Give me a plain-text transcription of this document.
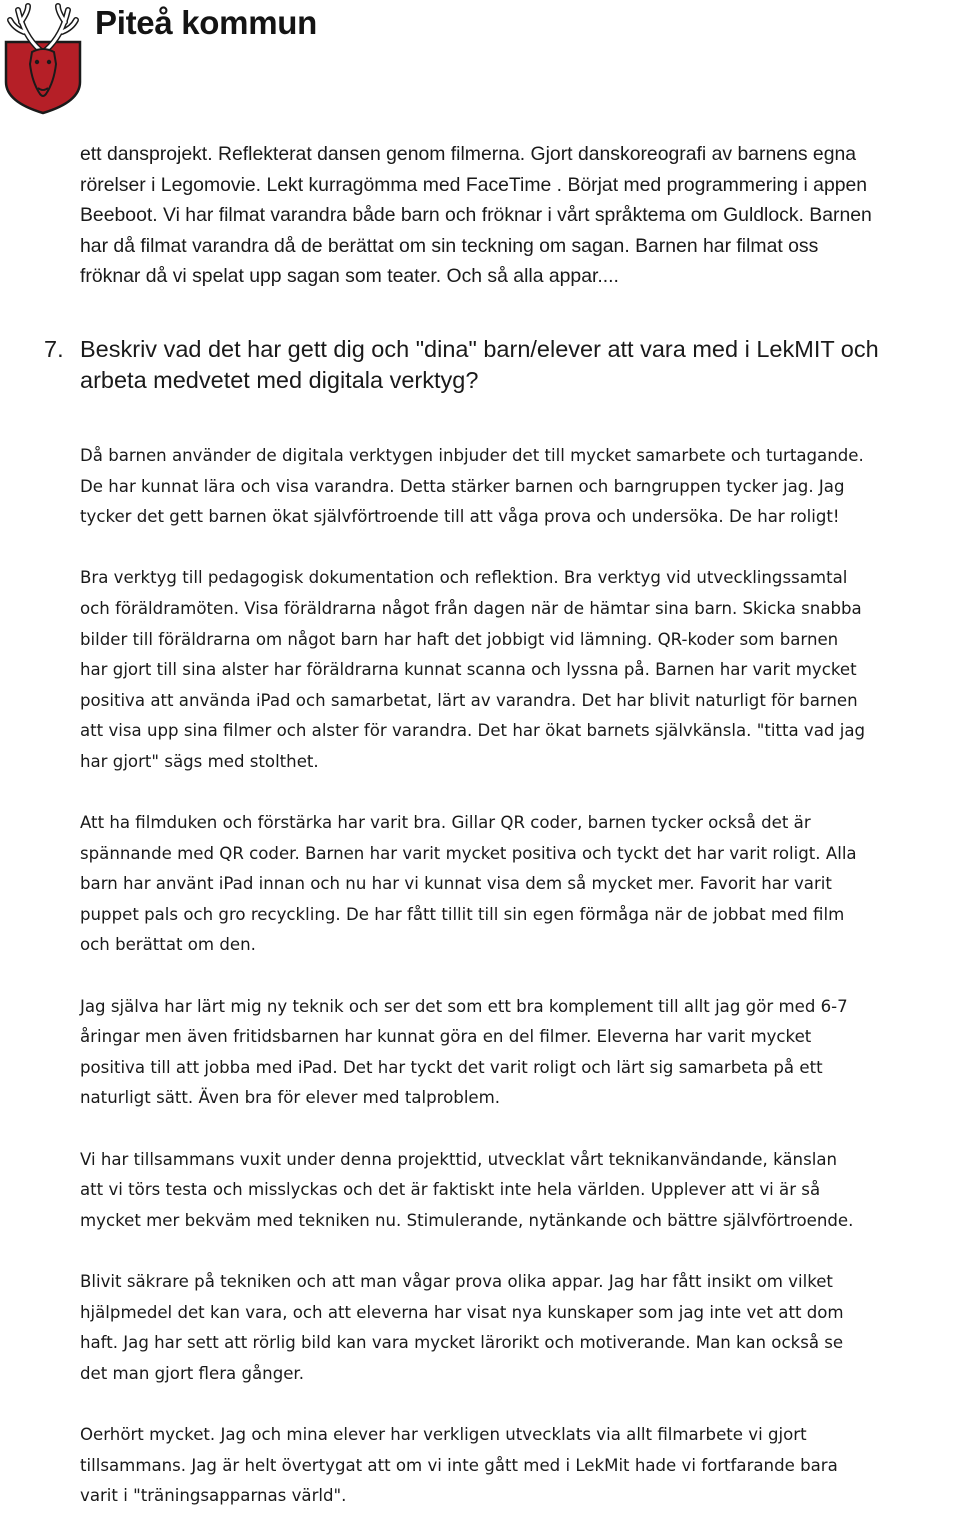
Piteå kommun
ett dansprojekt. Reflekterat dansen genom filmerna. Gjort danskoreografi av barnens egna
rörelser i Legomovie. Lekt kurragömma med FaceTime . Börjat med programmering i appen
Beeboot. Vi har filmat varandra både barn och fröknar i vårt språktema om Guldlock. Barnen
har då filmat varandra då de berättat om sin teckning om sagan. Barnen har filmat oss
fröknar då vi spelat upp sagan som teater. Och så alla appar....
7. Beskriv vad det har gett dig och "dina" barn/elever att vara med i LekMIT och
arbeta medvetet med digitala verktyg?
Då barnen använder de digitala verktygen inbjuder det till mycket samarbete och turtagande.
De har kunnat lära och visa varandra. Detta stärker barnen och barngruppen tycker jag. Jag
tycker det gett barnen ökat självförtroende till att våga prova och undersöka. De har roligt!
Bra verktyg till pedagogisk dokumentation och reflektion. Bra verktyg vid utvecklingssamtal
och föräldramöten. Visa föräldrarna något från dagen när de hämtar sina barn. Skicka snabba
bilder till föräldrarna om något barn har haft det jobbigt vid lämning. QR-koder som barnen
har gjort till sina alster har föräldrarna kunnat scanna och lyssna på. Barnen har varit mycket
positiva att använda iPad och samarbetat, lärt av varandra. Det har blivit naturligt för barnen
att visa upp sina filmer och alster för varandra. Det har ökat barnets självkänsla. "titta vad jag
har gjort" sägs med stolthet.
Att ha filmduken och förstärka har varit bra. Gillar QR coder, barnen tycker också det är
spännande med QR coder. Barnen har varit mycket positiva och tyckt det har varit roligt. Alla
barn har använt iPad innan och nu har vi kunnat visa dem så mycket mer. Favorit har varit
puppet pals och gro recyckling. De har fått tillit till sin egen förmåga när de jobbat med film
och berättat om den.
Jag själva har lärt mig ny teknik och ser det som ett bra komplement till allt jag gör med 6-7
åringar men även fritidsbarnen har kunnat göra en del filmer. Eleverna har varit mycket
positiva till att jobba med iPad. Det har tyckt det varit roligt och lärt sig samarbeta på ett
naturligt sätt. Även bra för elever med talproblem.
Vi har tillsammans vuxit under denna projekttid, utvecklat vårt teknikanvändande, känslan
att vi törs testa och misslyckas och det är faktiskt inte hela världen. Upplever att vi är så
mycket mer bekväm med tekniken nu. Stimulerande, nytänkande och bättre självförtroende.
Blivit säkrare på tekniken och att man vågar prova olika appar. Jag har fått insikt om vilket
hjälpmedel det kan vara, och att eleverna har visat nya kunskaper som jag inte vet att dom
haft. Jag har sett att rörlig bild kan vara mycket lärorikt och motiverande. Man kan också se
det man gjort flera gånger.
Oerhört mycket. Jag och mina elever har verkligen utvecklats via allt filmarbete vi gjort
tillsammans. Jag är helt övertygat att om vi inte gått med i LekMit hade vi fortfarande bara
varit i "träningsapparnas värld".
